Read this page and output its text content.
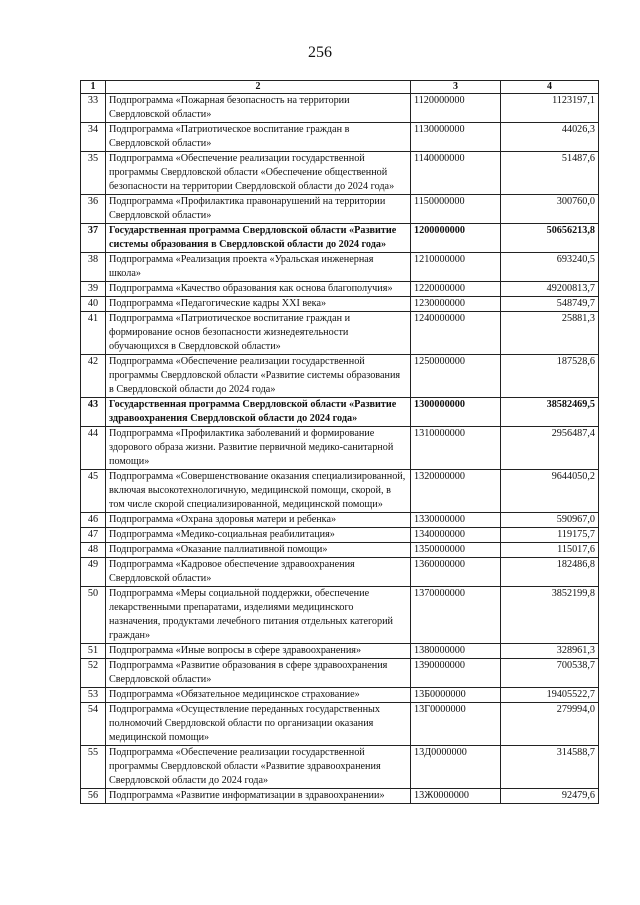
256
1	2	3	4
33	Подпрограмма «Пожарная безопасность на территории Свердловской области»	1120000000	1123197,1
34	Подпрограмма «Патриотическое воспитание граждан в Свердловской области»	1130000000	44026,3
35	Подпрограмма «Обеспечение реализации государственной программы Свердловской области «Обеспечение общественной безопасности на территории Свердловской области до 2024 года»	1140000000	51487,6
36	Подпрограмма «Профилактика правонарушений на территории Свердловской области»	1150000000	300760,0
37	Государственная программа Свердловской области «Развитие системы образования в Свердловской области до 2024 года»	1200000000	50656213,8
38	Подпрограмма «Реализация проекта «Уральская инженерная школа»	1210000000	693240,5
39	Подпрограмма «Качество образования как основа благополучия»	1220000000	49200813,7
40	Подпрограмма «Педагогические кадры XXI века»	1230000000	548749,7
41	Подпрограмма «Патриотическое воспитание граждан и формирование основ безопасности жизнедеятельности обучающихся в Свердловской области»	1240000000	25881,3
42	Подпрограмма «Обеспечение реализации государственной программы Свердловской области «Развитие системы образования в Свердловской области до 2024 года»	1250000000	187528,6
43	Государственная программа Свердловской области «Развитие здравоохранения Свердловской области до 2024 года»	1300000000	38582469,5
44	Подпрограмма «Профилактика заболеваний и формирование здорового образа жизни. Развитие первичной медико-санитарной помощи»	1310000000	2956487,4
45	Подпрограмма «Совершенствование оказания специализированной, включая высокотехнологичную, медицинской помощи, скорой, в том числе скорой специализированной, медицинской помощи»	1320000000	9644050,2
46	Подпрограмма «Охрана здоровья матери и ребенка»	1330000000	590967,0
47	Подпрограмма «Медико-социальная реабилитация»	1340000000	119175,7
48	Подпрограмма «Оказание паллиативной помощи»	1350000000	115017,6
49	Подпрограмма «Кадровое обеспечение здравоохранения Свердловской области»	1360000000	182486,8
50	Подпрограмма «Меры социальной поддержки, обеспечение лекарственными препаратами, изделиями медицинского назначения, продуктами лечебного питания отдельных категорий граждан»	1370000000	3852199,8
51	Подпрограмма «Иные вопросы в сфере здравоохранения»	1380000000	328961,3
52	Подпрограмма «Развитие образования в сфере здравоохранения Свердловской области»	1390000000	700538,7
53	Подпрограмма «Обязательное медицинское страхование»	13Б0000000	19405522,7
54	Подпрограмма «Осуществление переданных государственных полномочий Свердловской области по организации оказания медицинской помощи»	13Г0000000	279994,0
55	Подпрограмма «Обеспечение реализации государственной программы Свердловской области «Развитие здравоохранения Свердловской области до 2024 года»	13Д0000000	314588,7
56	Подпрограмма «Развитие информатизации в здравоохранении»	13Ж0000000	92479,6
